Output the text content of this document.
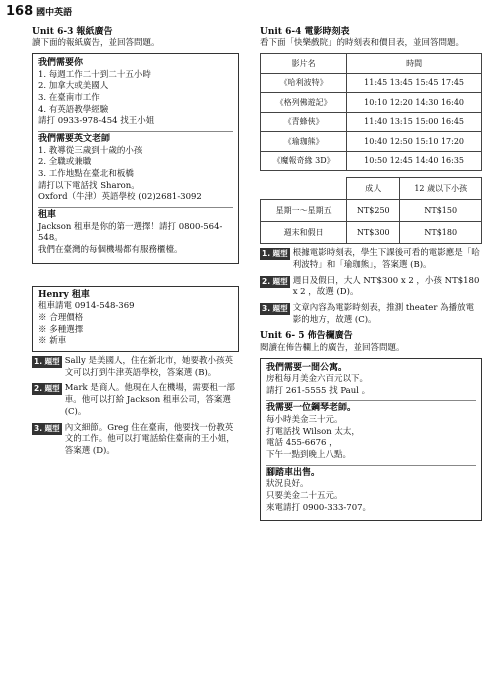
168 國中英語

Unit 6-3 報紙廣告

讀下面的報紙廣告，並回答問題。

我們需要你
1. 每週工作二十到二十五小時
2. 加拿大或美國人
3. 在臺南市工作
4. 有英語教學經驗
請打 0933-978-454 找王小姐
我們需要英文老師
1. 教導從三歲到十歲的小孩
2. 全職或兼職
3. 工作地點在臺北和板橋
請打以下電話找 Sharon。
Oxford（牛津）英語學校 (02)2681-3092
租車
Jackson 租車是你的第一選擇！請打 0800-564-548。
我們在臺灣的每個機場都有服務櫃檯。
Henry 租車
租車請電 0914-548-369
※ 合理價格
※ 多種選擇
※ 新車
1. 題型 Sally 是美國人，住在新北市，她要教小孩英文可以打到牛津英語學校，答案選 (B)。
2. 題型 Mark 是商人。他現在人在機場，需要租一部車。他可以打給 Jackson 租車公司，答案選 (C)。
3. 題型 內文細節。Greg 住在臺南，他要找一份教英文的工作。他可以打電話給住臺南的王小姐，答案選 (D)。

Unit 6-4 電影時刻表

看下面「快樂戲院」的時刻表和價目表，並回答問題。

影片名	時間
《哈利波特》	11:45 13:45 15:45 17:45
《格列佛遊記》	10:10 12:20 14:30 16:40
《青蜂俠》	11:40 13:15 15:00 16:45
《瑜珈熊》	10:40 12:50 15:10 17:20
《魔報奇緣 3D》	10:50 12:45 14:40 16:35
	成人	12 歲以下小孩
星期一～星期五	NT$250	NT$150
週末和假日	NT$300	NT$180
1. 題型 根據電影時刻表，學生下課後可看的電影應是「哈利波特」和「瑜珈熊」，答案選 (B)。
2. 題型 週日及假日，大人 NT$300 x 2 ，小孩 NT$180 x 2 ，故選 (D)。
3. 題型 文章內容為電影時刻表，推測 theater 為播放電影的地方，故選 (C)。

Unit 6- 5 佈告欄廣告

閱讀在佈告欄上的廣告，並回答問題。

我們需要一間公寓。
房租每月美金六百元以下。
請打 261-5555 找 Paul 。
我需要一位鋼琴老師。
每小時美金三十元。
打電話找 Wilson 太太，
電話 455-6676 ，
下午一點到晚上八點。
腳踏車出售。
狀況良好。
只要美金二十五元。
來電請打 0900-333-707。
